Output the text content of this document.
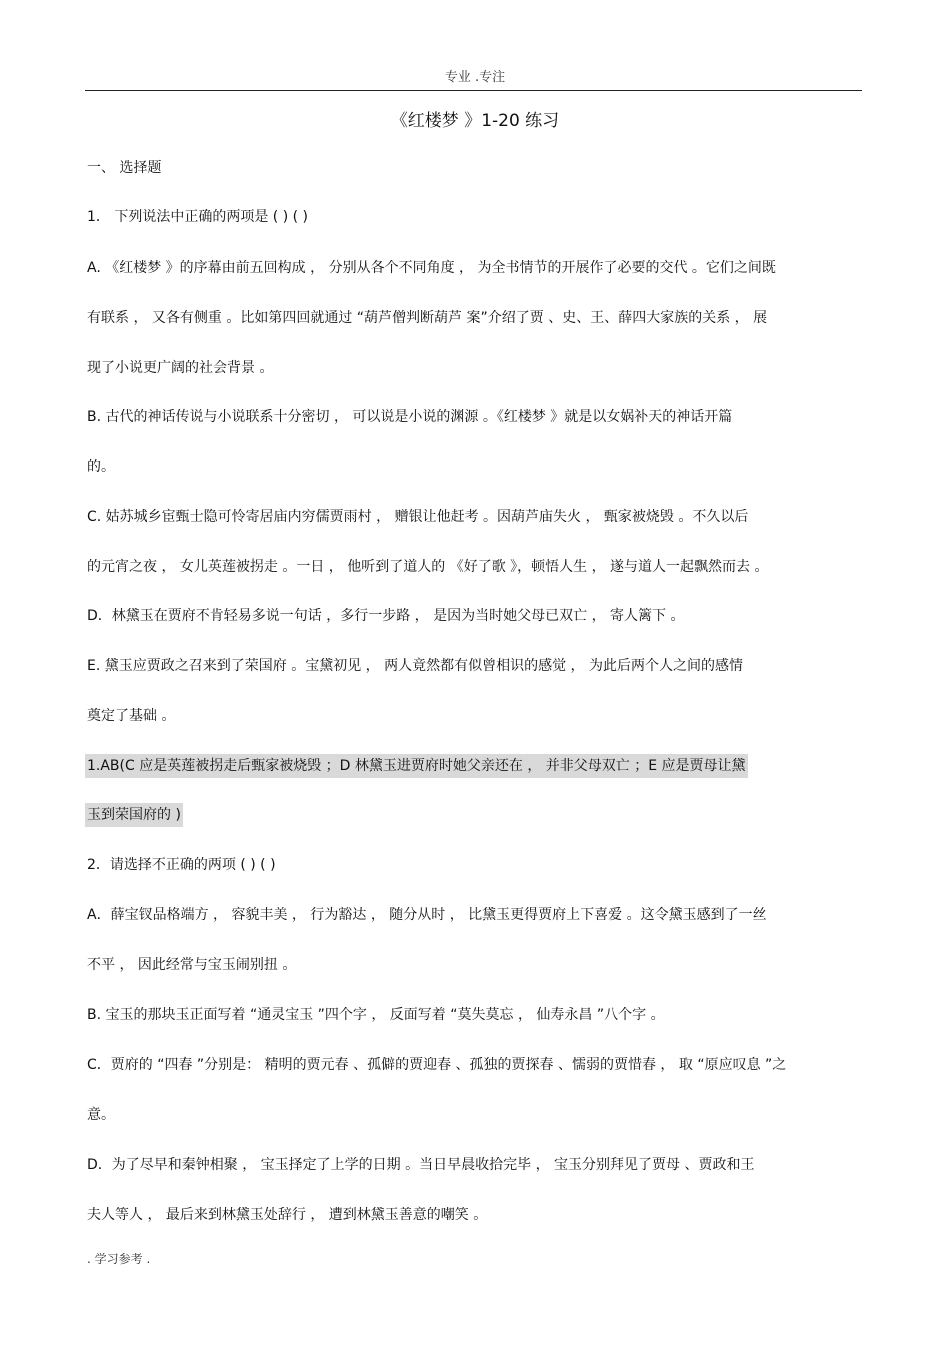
专业 .专注
《红楼梦 》1-20 练习
一、 选择题
1． 下列说法中正确的两项是 ( ) ( )
A. 《红楼梦 》的序幕由前五回构成 ， 分别从各个不同角度 ， 为全书情节的开展作了必要的交代 。它们之间既
有联系 ， 又各有侧重 。比如第四回就通过 “葫芦僧判断葫芦 案”介绍了贾 、史、王、薛四大家族的关系 ， 展
现了小说更广阔的社会背景 。
B. 古代的神话传说与小说联系十分密切 ， 可以说是小说的渊源 。《红楼梦 》就是以女娲补天的神话开篇
的。
C. 姑苏城乡宦甄士隐可怜寄居庙内穷儒贾雨村 ， 赠银让他赶考 。因葫芦庙失火 ， 甄家被烧毁 。不久以后
的元宵之夜 ， 女儿英莲被拐走 。一日 ， 他听到了道人的 《好了歌 》，顿悟人生 ， 遂与道人一起飘然而去 。
D．林黛玉在贾府不肯轻易多说一句话 ，多行一步路 ， 是因为当时她父母已双亡 ， 寄人篱下 。
E. 黛玉应贾政之召来到了荣国府 。宝黛初见 ， 两人竟然都有似曾相识的感觉 ， 为此后两个人之间的感情
奠定了基础 。
1.AB(C 应是英莲被拐走后甄家被烧毁 ；D 林黛玉进贾府时她父亲还在 ， 并非父母双亡 ；E 应是贾母让黛
玉到荣国府的 )
2．请选择不正确的两项 ( ) ( )
A．薛宝钗品格端方 ， 容貌丰美 ， 行为豁达 ， 随分从时 ， 比黛玉更得贾府上下喜爱 。这令黛玉感到了一丝
不平 ， 因此经常与宝玉闹别扭 。
B. 宝玉的那块玉正面写着 “通灵宝玉 ”四个字 ， 反面写着 “莫失莫忘 ， 仙寿永昌 ”八个字 。
C．贾府的 “四春 ”分别是： 精明的贾元春 、孤僻的贾迎春 、孤独的贾探春 、懦弱的贾惜春 ， 取 “原应叹息 ”之
意。
D．为了尽早和秦钟相聚 ， 宝玉择定了上学的日期 。当日早晨收拾完毕 ， 宝玉分别拜见了贾母 、贾政和王
夫人等人 ， 最后来到林黛玉处辞行 ， 遭到林黛玉善意的嘲笑 。
. 学习参考 .
